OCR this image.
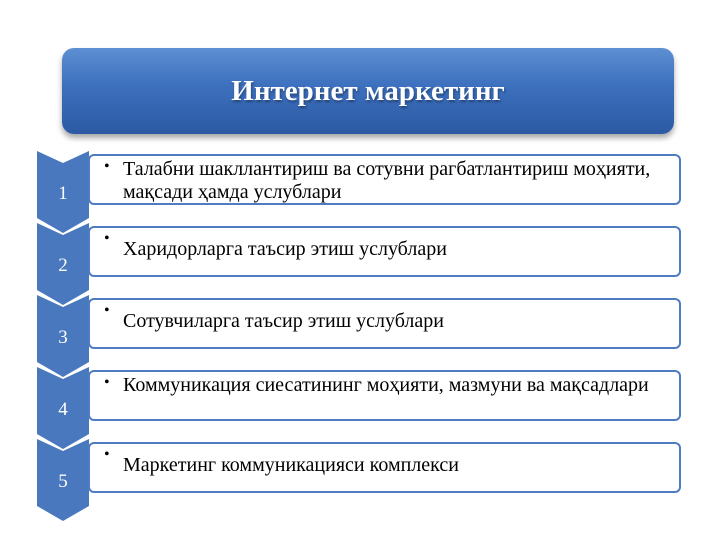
Интернет маркетинг
1
2
3
4
5
• Талабни шакллантириш ва сотувни рагбатлантириш моҳияти, мақсади ҳамда услублари
• Харидорларга таъсир этиш услублари
• Сотувчиларга таъсир этиш услублари
• Коммуникация сиесатининг моҳияти, мазмуни ва мақсадлари
• Маркетинг коммуникацияси комплекси
